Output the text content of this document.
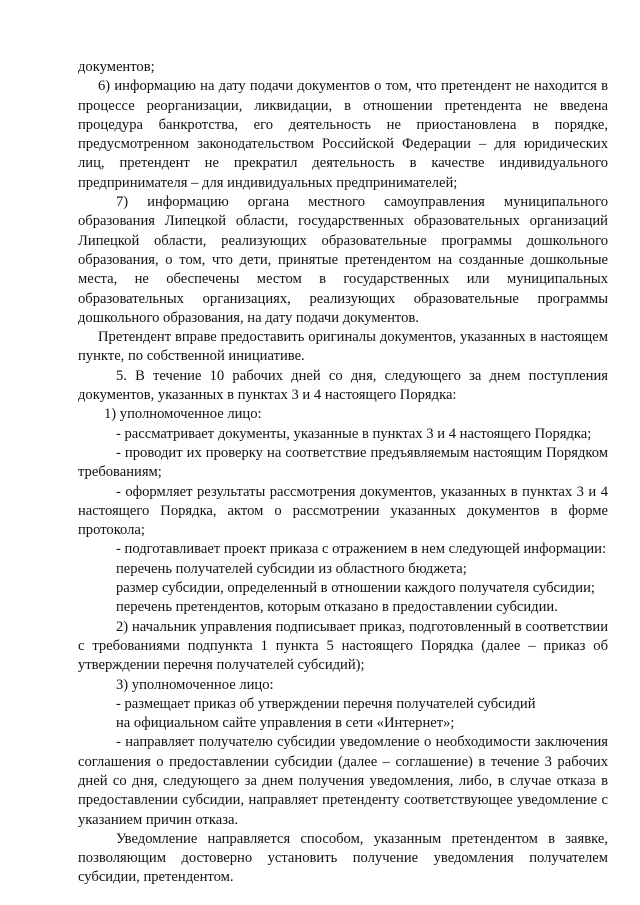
документов;

6) информацию на дату подачи документов о том, что претендент не находится в процессе реорганизации, ликвидации, в отношении претендента не введена процедура банкротства, его деятельность не приостановлена в порядке, предусмотренном законодательством Российской Федерации – для юридических лиц, претендент не прекратил деятельность в качестве индивидуального предпринимателя – для индивидуальных предпринимателей;

7) информацию органа местного самоуправления муниципального образования Липецкой области, государственных образовательных организаций Липецкой области, реализующих образовательные программы дошкольного образования, о том, что дети, принятые претендентом на созданные дошкольные места, не обеспечены местом в государственных или муниципальных образовательных организациях, реализующих образовательные программы дошкольного образования, на дату подачи документов.

Претендент вправе предоставить оригиналы документов, указанных в настоящем пункте, по собственной инициативе.

5. В течение 10 рабочих дней со дня, следующего за днем поступления документов, указанных в пунктах 3 и 4 настоящего Порядка:

1) уполномоченное лицо:

- рассматривает документы, указанные в пунктах 3 и 4 настоящего Порядка;

- проводит их проверку на соответствие предъявляемым настоящим Порядком требованиям;

- оформляет результаты рассмотрения документов, указанных в пунктах 3 и 4 настоящего Порядка, актом о рассмотрении указанных документов в форме протокола;

- подготавливает проект приказа с отражением в нем следующей информации:

перечень получателей субсидии из областного бюджета;

размер субсидии, определенный в отношении каждого получателя субсидии;

перечень претендентов, которым отказано в предоставлении субсидии.

2) начальник управления подписывает приказ, подготовленный в соответствии с требованиями подпункта 1 пункта 5 настоящего Порядка (далее – приказ об утверждении перечня получателей субсидий);

3) уполномоченное лицо:

- размещает приказ об утверждении перечня получателей субсидий

на официальном сайте управления в сети «Интернет»;

- направляет получателю субсидии уведомление о необходимости заключения соглашения о предоставлении субсидии (далее – соглашение) в течение 3 рабочих дней со дня, следующего за днем получения уведомления, либо, в случае отказа в предоставлении субсидии, направляет претенденту соответствующее уведомление с указанием причин отказа.

Уведомление направляется способом, указанным претендентом в заявке, позволяющим достоверно установить получение уведомления получателем субсидии, претендентом.
